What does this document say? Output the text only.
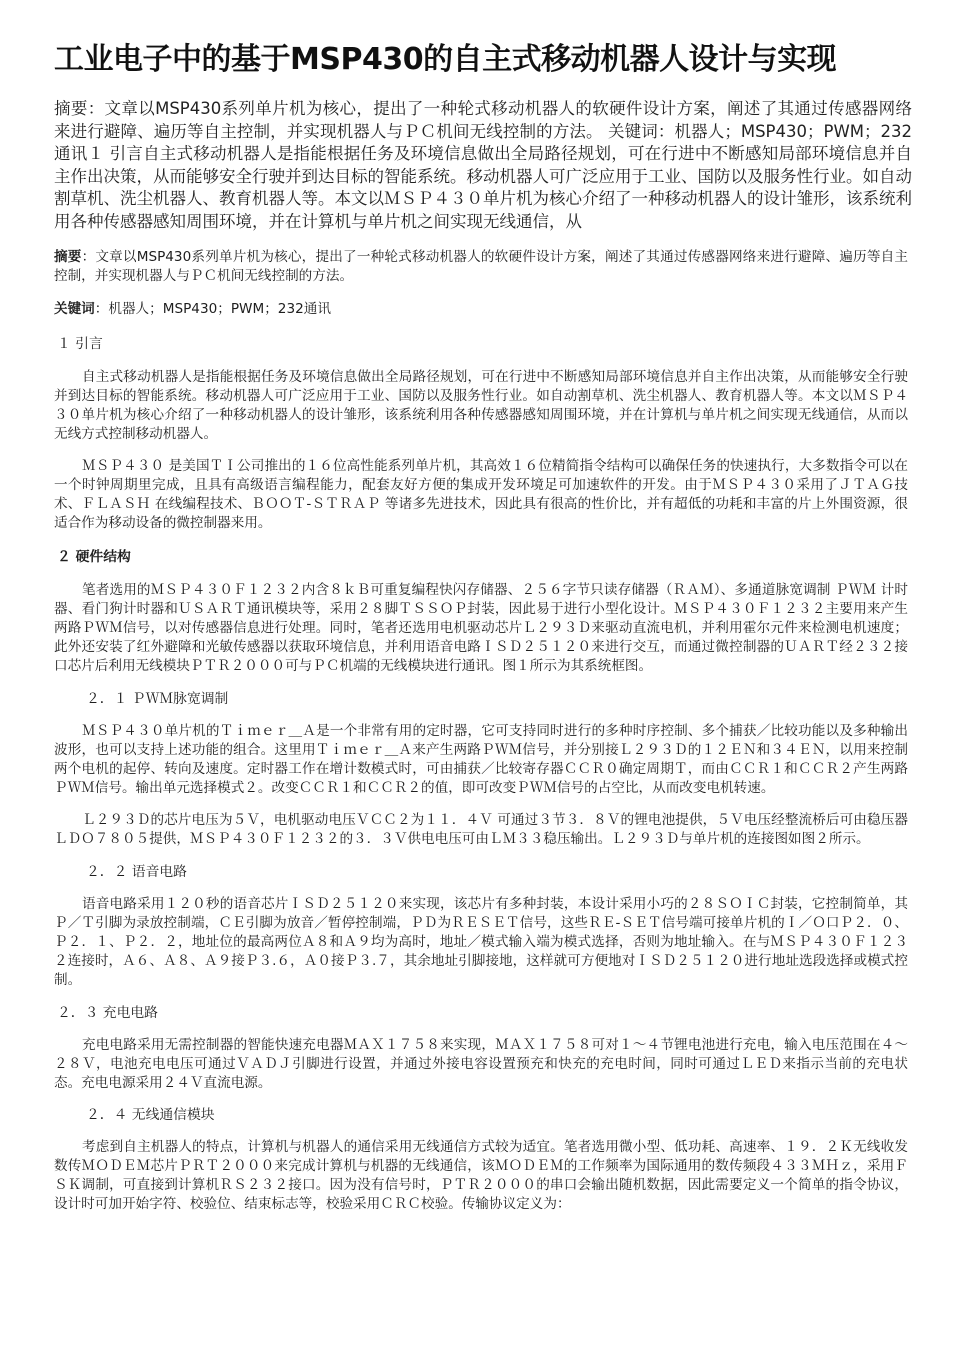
工业电子中的基于MSP430的自主式移动机器人设计与实现
摘要：文章以MSP430系列单片机为核心，提出了一种轮式移动机器人的软硬件设计方案，阐述了其通过传感器网络来进行避障、遍历等自主控制，并实现机器人与ＰＣ机间无线控制的方法。 关键词：机器人；MSP430；PWM；232通讯１ 引言自主式移动机器人是指能根据任务及环境信息做出全局路径规划，可在行进中不断感知局部环境信息并自主作出决策，从而能够安全行驶并到达目标的智能系统。移动机器人可广泛应用于工业、国防以及服务性行业。如自动割草机、洗尘机器人、教育机器人等。本文以ＭＳＰ４３０单片机为核心介绍了一种移动机器人的设计雏形，该系统利用各种传感器感知周围环境，并在计算机与单片机之间实现无线通信，从

摘要：文章以MSP430系列单片机为核心，提出了一种轮式移动机器人的软硬件设计方案，阐述了其通过传感器网络来进行避障、遍历等自主控制，并实现机器人与ＰＣ机间无线控制的方法。

关键词：机器人；MSP430；PWM；232通讯

１ 引言

自主式移动机器人是指能根据任务及环境信息做出全局路径规划，可在行进中不断感知局部环境信息并自主作出决策，从而能够安全行驶并到达目标的智能系统。移动机器人可广泛应用于工业、国防以及服务性行业。如自动割草机、洗尘机器人、教育机器人等。本文以ＭＳＰ４３０单片机为核心介绍了一种移动机器人的设计雏形，该系统利用各种传感器感知周围环境，并在计算机与单片机之间实现无线通信，从而以无线方式控制移动机器人。

ＭＳＰ４３０ 是美国ＴＩ公司推出的１６位高性能系列单片机，其高效１６位精简指令结构可以确保任务的快速执行，大多数指令可以在一个时钟周期里完成，且具有高级语言编程能力，配套友好方便的集成开发环境足可加速软件的开发。由于ＭＳＰ４３０采用了ＪＴＡＧ技术、ＦＬＡＳＨ 在线编程技术、ＢＯＯＴ-ＳＴＲＡＰ 等诸多先进技术，因此具有很高的性价比，并有超低的功耗和丰富的片上外围资源，很适合作为移动设备的微控制器来用。

２ 硬件结构

笔者选用的ＭＳＰ４３０Ｆ１２３２内含８ｋＢ可重复编程快闪存储器、２５６字节只读存储器（ＲＡＭ）、多通道脉宽调制 ＰＷＭ 计时器、看门狗计时器和ＵＳＡＲＴ通讯模块等，采用２８脚ＴＳＳＯＰ封装，因此易于进行小型化设计。ＭＳＰ４３０Ｆ１２３２主要用来产生两路ＰＷＭ信号，以对传感器信息进行处理。同时，笔者还选用电机驱动芯片Ｌ２９３Ｄ来驱动直流电机，并利用霍尔元件来检测电机速度；此外还安装了红外避障和光敏传感器以获取环境信息，并利用语音电路ＩＳＤ２５１２０来进行交互，而通过微控制器的ＵＡＲＴ经２３２接口芯片后利用无线模块ＰＴＲ２０００可与ＰＣ机端的无线模块进行通讯。图１所示为其系统框图。

２．１ ＰＷＭ脉宽调制

ＭＳＰ４３０单片机的Ｔｉｍｅｒ＿Ａ是一个非常有用的定时器，它可支持同时进行的多种时序控制、多个捕获／比较功能以及多种输出波形，也可以支持上述功能的组合。这里用Ｔｉｍｅｒ＿Ａ来产生两路ＰＷＭ信号，并分别接Ｌ２９３Ｄ的１２ＥＮ和３４ＥＮ，以用来控制两个电机的起停、转向及速度。定时器工作在增计数模式时，可由捕获／比较寄存器ＣＣＲ０确定周期Ｔ，而由ＣＣＲ１和ＣＣＲ２产生两路ＰＷＭ信号。输出单元选择模式２。改变ＣＣＲ１和ＣＣＲ２的值，即可改变ＰＷＭ信号的占空比，从而改变电机转速。

Ｌ２９３Ｄ的芯片电压为５Ｖ，电机驱动电压ＶＣＣ２为１１．４Ｖ 可通过３节３．８Ｖ的锂电池提供，５Ｖ电压经整流桥后可由稳压器ＬＤＯ７８０５提供，ＭＳＰ４３０Ｆ１２３２的３．３Ｖ供电电压可由ＬＭ３３稳压输出。Ｌ２９３Ｄ与单片机的连接图如图２所示。

２．２ 语音电路

语音电路采用１２０秒的语音芯片ＩＳＤ２５１２０来实现，该芯片有多种封装，本设计采用小巧的２８ＳＯＩＣ封装，它控制简单，其Ｐ／Ｔ引脚为录放控制端，ＣＥ引脚为放音／暂停控制端，ＰＤ为ＲＥＳＥＴ信号，这些ＲＥ-ＳＥＴ信号端可接单片机的Ｉ／Ｏ口Ｐ２．０、Ｐ２．１、Ｐ２．２，地址位的最高两位Ａ８和Ａ９均为高时，地址／模式输入端为模式选择，否则为地址输入。在与ＭＳＰ４３０Ｆ１２３２连接时，Ａ６、Ａ８、Ａ９接Ｐ３.６，Ａ０接Ｐ３.７，其余地址引脚接地，这样就可方便地对ＩＳＤ２５１２０进行地址选段选择或模式控制。

２．３ 充电电路

充电电路采用无需控制器的智能快速充电器ＭＡＸ１７５８来实现，ＭＡＸ１７５８可对１～４节锂电池进行充电，输入电压范围在４～２８Ｖ，电池充电电压可通过ＶＡＤＪ引脚进行设置，并通过外接电容设置预充和快充的充电时间，同时可通过ＬＥＤ来指示当前的充电状态。充电电源采用２４Ｖ直流电源。

２．４ 无线通信模块

考虑到自主机器人的特点，计算机与机器人的通信采用无线通信方式较为适宜。笔者选用微小型、低功耗、高速率、１９．２Ｋ无线收发数传ＭＯＤＥＭ芯片ＰＲＴ２０００来完成计算机与机器的无线通信，该ＭＯＤＥＭ的工作频率为国际通用的数传频段４３３ＭＨｚ，采用ＦＳＫ调制，可直接到计算机ＲＳ２３２接口。因为没有信号时，ＰＴＲ２０００的串口会输出随机数据，因此需要定义一个简单的指令协议，设计时可加开始字符、校验位、结束标志等，校验采用ＣＲＣ校验。传输协议定义为：
